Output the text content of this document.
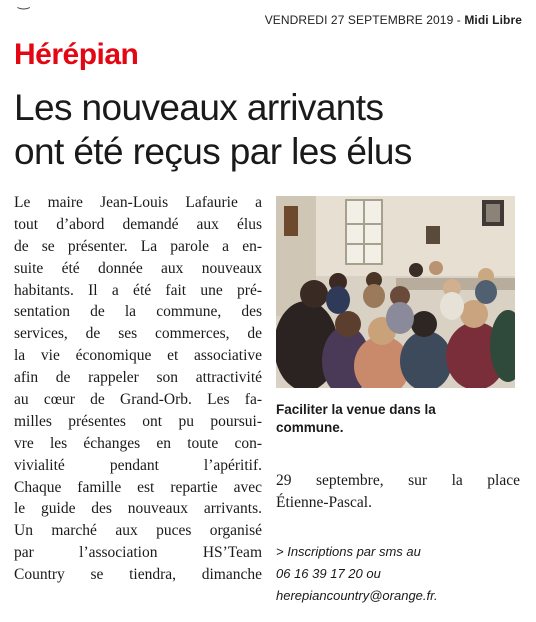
‿
VENDREDI 27 SEPTEMBRE 2019 - Midi Libre
Hérépian
Les nouveaux arrivants
ont été reçus par les élus
Le maire Jean-Louis Lafaurie a
tout d’abord demandé aux élus
de se présenter. La parole a en-
suite été donnée aux nouveaux
habitants. Il a été fait une pré-
sentation de la commune, des
services, de ses commerces, de
la vie économique et associative
afin de rappeler son attractivité
au cœur de Grand-Orb. Les fa-
milles présentes ont pu poursui-
vre les échanges en toute con-
vivialité pendant l’apéritif.
Chaque famille est repartie avec
le guide des nouveaux arrivants.
Un marché aux puces organisé
par l’association HS’Team
Country se tiendra, dimanche
Faciliter la venue dans la
commune.
29 septembre, sur la place
Étienne-Pascal.
> Inscriptions par sms au
06 16 39 17 20 ou
herepiancountry@orange.fr.
